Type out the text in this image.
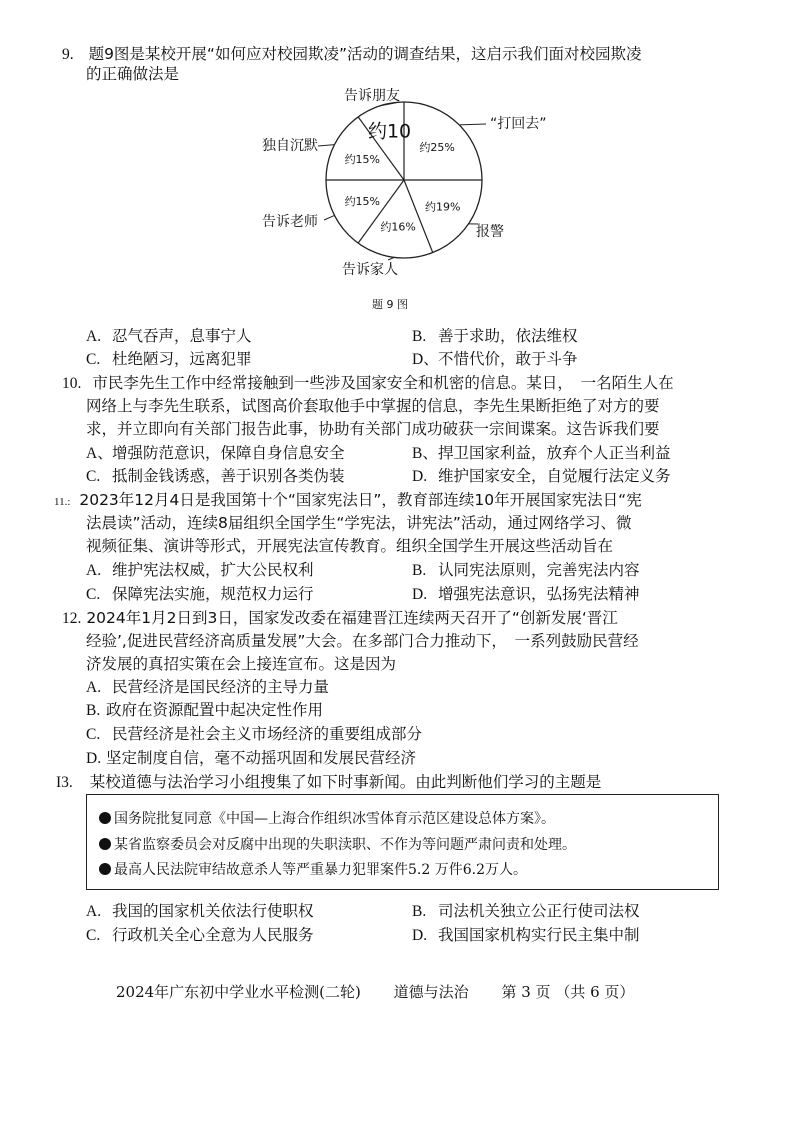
9. 题9图是某校开展“如何应对校园欺凌”活动的调查结果，这启示我们面对校园欺凌
的正确做法是
约25%
“打回去”
约19%
报警
约16%
告诉家人
约15%
告诉老师
约15%
独自沉默
约10
告诉朋友
题 9 图
A. 忍气吞声，息事宁人	B. 善于求助，依法维权
C. 杜绝陋习，远离犯罪	D、不惜代价，敢于斗争
10. 市民李先生工作中经常接触到一些涉及国家安全和机密的信息。某日，　一名陌生人在
网络上与李先生联系，试图高价套取他手中掌握的信息，李先生果断拒绝了对方的要
求，并立即向有关部门报告此事，协助有关部门成功破获一宗间谍案。这告诉我们要
A、增强防范意识，保障自身信息安全	B、捍卫国家利益，放弃个人正当利益
C. 抵制金钱诱惑，善于识别各类伪装	D. 维护国家安全，自觉履行法定义务
11.: 2023年12月4日是我国第十个“国家宪法日”，教育部连续10年开展国家宪法日“宪
法晨读”活动，连续8届组织全国学生“学宪法，讲宪法”活动，通过网络学习、微
视频征集、演讲等形式，开展宪法宣传教育。组织全国学生开展这些活动旨在
A. 维护宪法权威，扩大公民权利	B. 认同宪法原则，完善宪法内容
C. 保障宪法实施，规范权力运行	D. 增强宪法意识，弘扬宪法精神
12. 2024年1月2日到3日，国家发改委在福建晋江连续两天召开了“创新发展‘晋江
经验’,促进民营经济高质量发展”大会。在多部门合力推动下，　一系列鼓励民营经
济发展的真招实策在会上接连宣布。这是因为
A. 民营经济是国民经济的主导力量
B. 政府在资源配置中起决定性作用
C. 民营经济是社会主义市场经济的重要组成部分
D. 坚定制度自信，毫不动摇巩固和发展民营经济
I3. 某校道德与法治学习小组搜集了如下时事新闻。由此判断他们学习的主题是
国务院批复同意《中国—上海合作组织冰雪体育示范区建设总体方案》。
某省监察委员会对反腐中出现的失职渎职、不作为等问题严肃问责和处理。
最高人民法院审结故意杀人等严重暴力犯罪案件5.2 万件6.2万人。
A. 我国的国家机关依法行使职权	B. 司法机关独立公正行使司法权
C. 行政机关全心全意为人民服务	D. 我国国家机构实行民主集中制
2024年广东初中学业水平检测(二轮) 道德与法治 第 3 页 （共 6 页）
